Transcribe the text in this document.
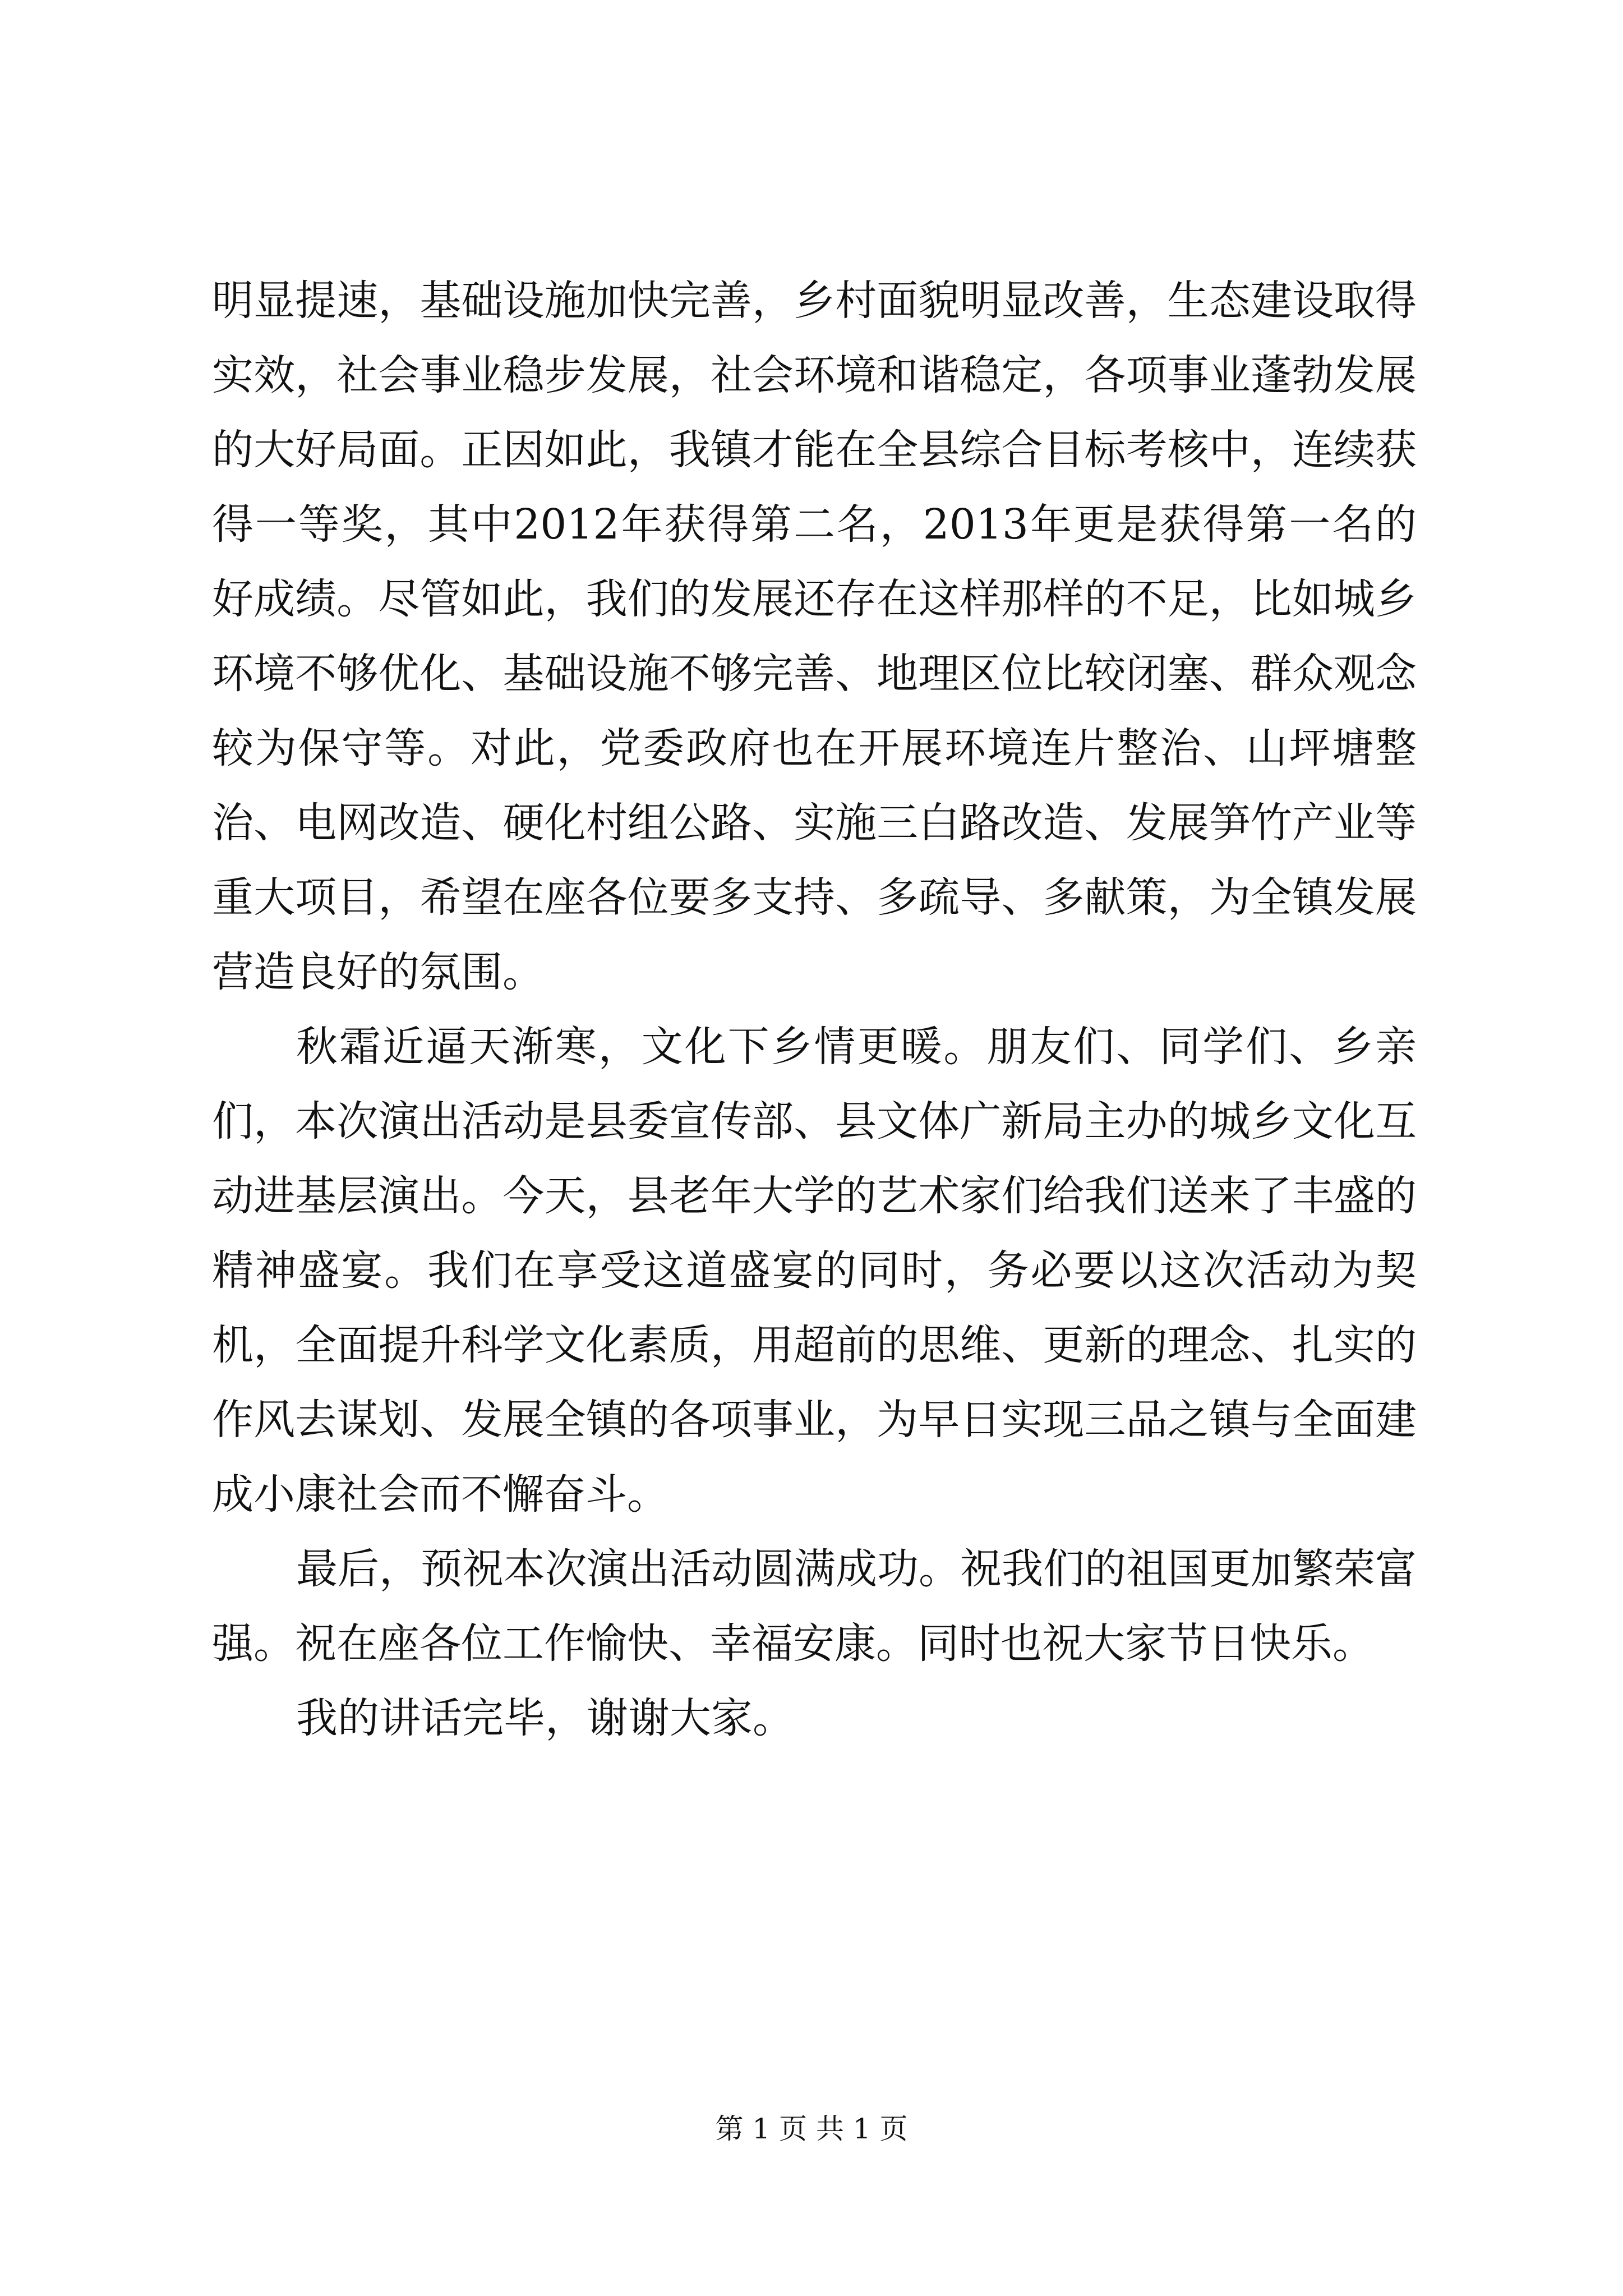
明显提速，基础设施加快完善，乡村面貌明显改善，生态建设取得实效，社会事业稳步发展，社会环境和谐稳定，各项事业蓬勃发展的大好局面。正因如此，我镇才能在全县综合目标考核中，连续获得一等奖，其中2012年获得第二名，2013年更是获得第一名的好成绩。尽管如此，我们的发展还存在这样那样的不足，比如城乡环境不够优化、基础设施不够完善、地理区位比较闭塞、群众观念较为保守等。对此，党委政府也在开展环境连片整治、山坪塘整治、电网改造、硬化村组公路、实施三白路改造、发展笋竹产业等重大项目，希望在座各位要多支持、多疏导、多献策，为全镇发展营造良好的氛围。

秋霜近逼天渐寒，文化下乡情更暖。朋友们、同学们、乡亲们，本次演出活动是县委宣传部、县文体广新局主办的城乡文化互动进基层演出。今天，县老年大学的艺术家们给我们送来了丰盛的精神盛宴。我们在享受这道盛宴的同时，务必要以这次活动为契机，全面提升科学文化素质，用超前的思维、更新的理念、扎实的作风去谋划、发展全镇的各项事业，为早日实现三品之镇与全面建成小康社会而不懈奋斗。

最后，预祝本次演出活动圆满成功。祝我们的祖国更加繁荣富强。祝在座各位工作愉快、幸福安康。同时也祝大家节日快乐。

我的讲话完毕，谢谢大家。

第 1 页 共 1 页
